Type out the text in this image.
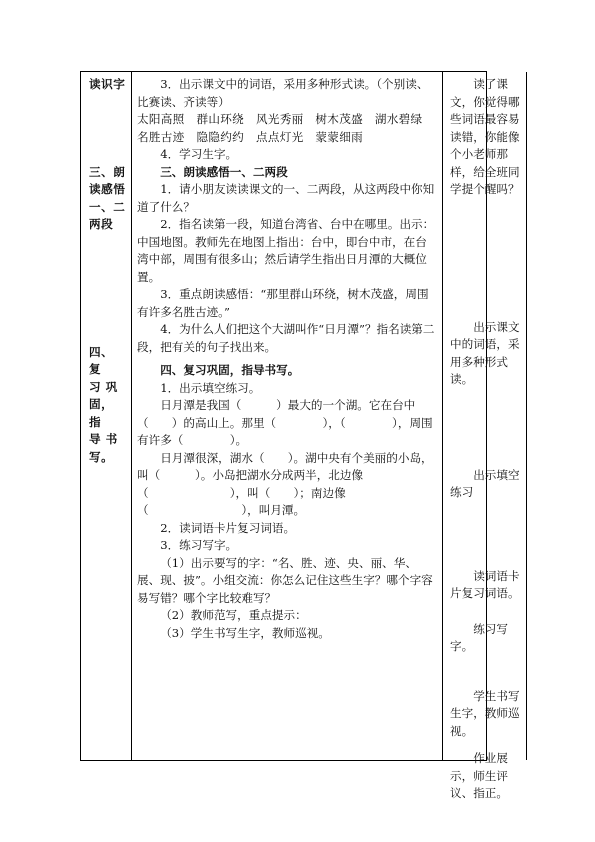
读识字

三、朗

读感悟

一、二

两段

四、 复

习 巩

固， 指

导 书

写。

3．出示课文中的词语，采用多种形式读。（个别读、比赛读、齐读等）

太阳高照　群山环绕　风光秀丽　树木茂盛　湖水碧绿　名胜古迹　隐隐约约　点点灯光　蒙蒙细雨

4．学习生字。

三、朗读感悟一、二两段

1．请小朋友读读课文的一、二两段，从这两段中你知道了什么？

2．指名读第一段，知道台湾省、台中在哪里。出示：中国地图。教师先在地图上指出：台中，即台中市，在台湾中部，周围有很多山；然后请学生指出日月潭的大概位置。

3．重点朗读感悟：“那里群山环绕，树木茂盛，周围有许多名胜古迹。”

4．为什么人们把这个大湖叫作“日月潭”？指名读第二段，把有关的句子找出来。

四、复习巩固，指导书写。

1．出示填空练习。

日月潭是我国（　　　）最大的一个湖。它在台中（　　）的高山上。那里（　　　　），（　　　　），周围有许多（　　　　）。

日月潭很深，湖水（　　）。湖中央有个美丽的小岛，叫（　　　）。小岛把湖水分成两半，北边像（　　　　　　　），叫（　　）；南边像（　　　　　　　　），叫月潭。

2．读词语卡片复习词语。

3．练习写字。

（1）出示要写的字：“名、胜、迹、央、丽、华、展、现、披”。小组交流：你怎么记住这些生字？哪个字容易写错？哪个字比较难写？

（2）教师范写，重点提示：

（3）学生书写生字，教师巡视。

读了课文，你觉得哪些词语最容易读错，你能像个小老师那样，给全班同学提个醒吗？

出示课文中的词语，采用多种形式读。

出示填空练习

读词语卡片复习词语。

练习写字。

学生书写生字，教师巡视。

作业展示，师生评议、指正。
